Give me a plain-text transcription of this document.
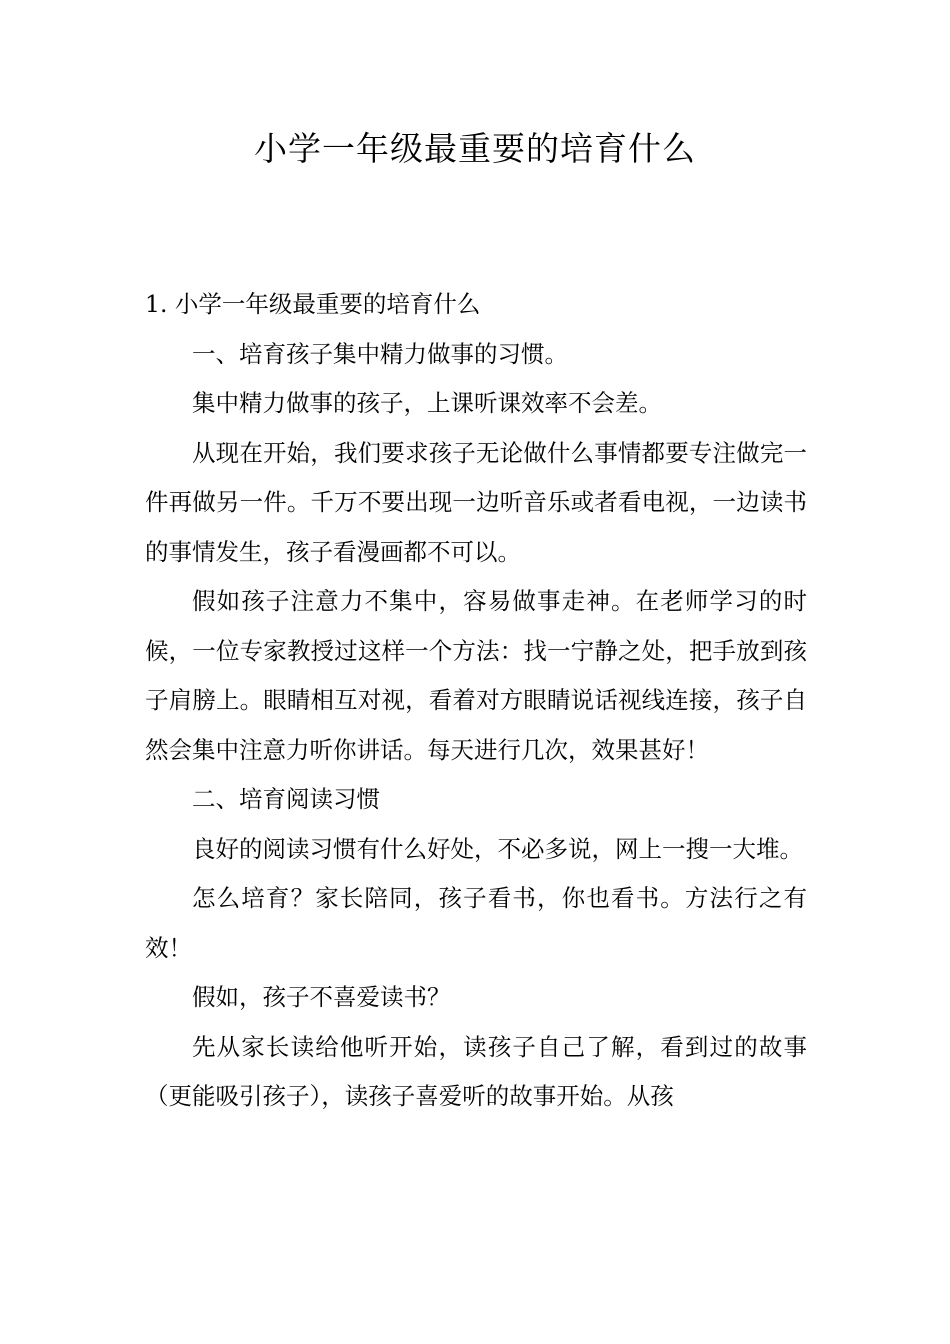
小学一年级最重要的培育什么

1. 小学一年级最重要的培育什么

一、培育孩子集中精力做事的习惯。

集中精力做事的孩子，上课听课效率不会差。

从现在开始，我们要求孩子无论做什么事情都要专注做完一件再做另一件。千万不要出现一边听音乐或者看电视，一边读书的事情发生，孩子看漫画都不可以。

假如孩子注意力不集中，容易做事走神。在老师学习的时候，一位专家教授过这样一个方法：找一宁静之处，把手放到孩子肩膀上。眼睛相互对视，看着对方眼睛说话视线连接，孩子自然会集中注意力听你讲话。每天进行几次，效果甚好！

二、培育阅读习惯

良好的阅读习惯有什么好处，不必多说，网上一搜一大堆。

怎么培育？家长陪同，孩子看书，你也看书。方法行之有效！

假如，孩子不喜爱读书？

先从家长读给他听开始，读孩子自己了解，看到过的故事（更能吸引孩子），读孩子喜爱听的故事开始。从孩
